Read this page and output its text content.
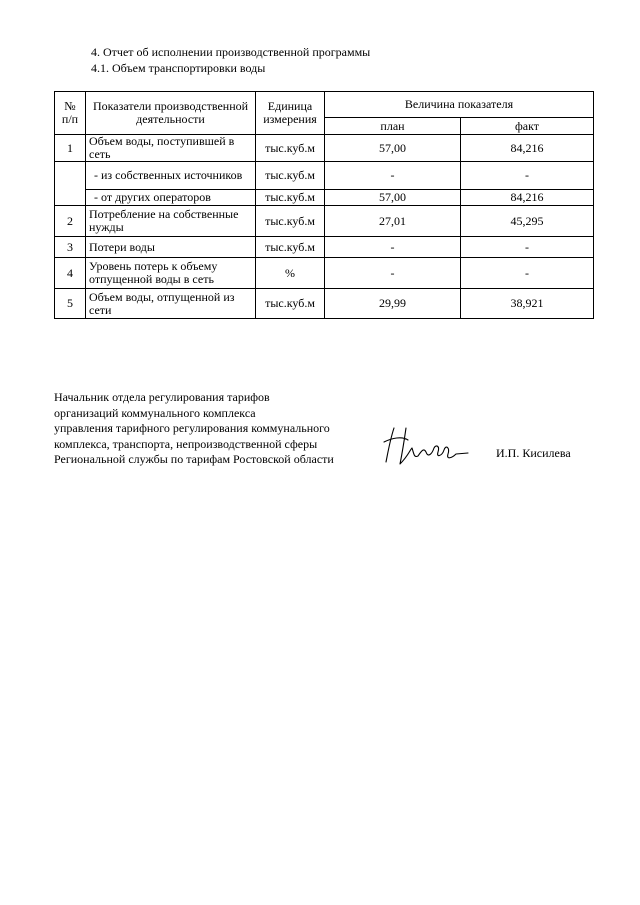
4. Отчет об исполнении производственной программы
4.1. Объем транспортировки воды
№ п/п	Показатели производственной деятельности	Единица измерения	Величина показателя	
			план	факт
1	Объем воды, поступившей в сеть	тыс.куб.м	57,00	84,216
	- из собственных источников	тыс.куб.м	-	-
	- от других операторов	тыс.куб.м	57,00	84,216
2	Потребление на собственные нужды	тыс.куб.м	27,01	45,295
3	Потери воды	тыс.куб.м	-	-
4	Уровень потерь к объему отпущенной воды в сеть	%	-	-
5	Объем воды, отпущенной из сети	тыс.куб.м	29,99	38,921
Начальник отдела регулирования тарифов
организаций коммунального комплекса
управления тарифного регулирования коммунального
комплекса, транспорта, непроизводственной сферы
Региональной службы по тарифам Ростовской области	И.П. Кисилева
